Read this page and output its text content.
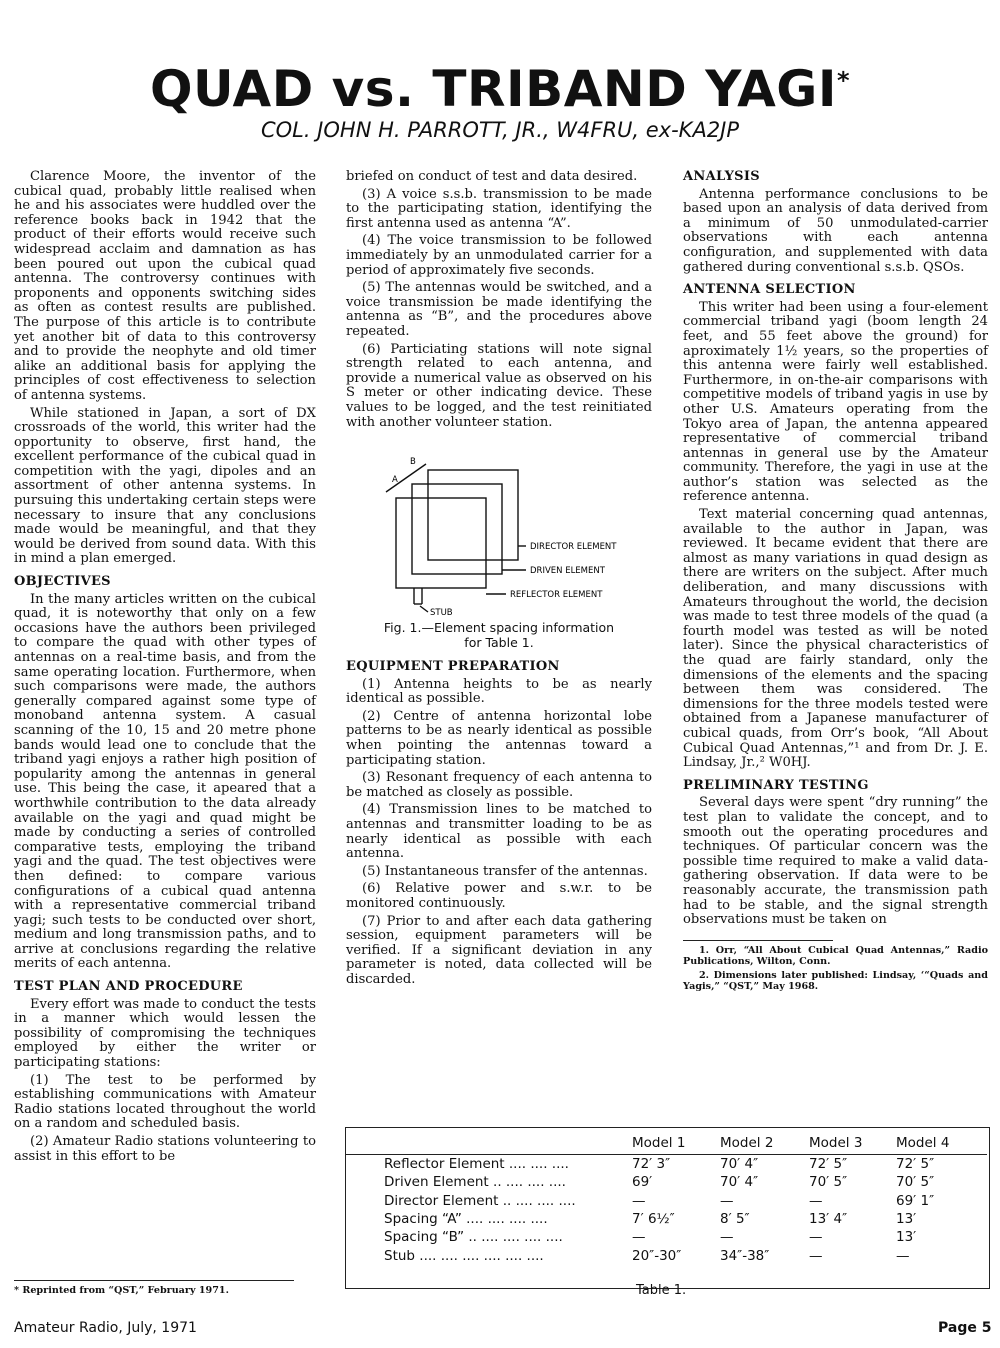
QUAD vs. TRIBAND YAGI*
COL. JOHN H. PARROTT, JR., W4FRU, ex-KA2JP

Clarence Moore, the inventor of the cubical quad, probably little realised when he and his associates were huddled over the reference books back in 1942 that the product of their efforts would receive such widespread acclaim and damnation as has been poured out upon the cubical quad antenna. The controversy continues with proponents and opponents switching sides as often as contest results are published. The purpose of this article is to contribute yet another bit of data to this controversy and to provide the neophyte and old timer alike an additional basis for applying the principles of cost effectiveness to selection of antenna systems.

While stationed in Japan, a sort of DX crossroads of the world, this writer had the opportunity to observe, first hand, the excellent performance of the cubical quad in competition with the yagi, dipoles and an assortment of other antenna systems. In pursuing this undertaking certain steps were necessary to insure that any conclusions made would be meaningful, and that they would be derived from sound data. With this in mind a plan emerged.

OBJECTIVES

In the many articles written on the cubical quad, it is noteworthy that only on a few occasions have the authors been privileged to compare the quad with other types of antennas on a real-time basis, and from the same operating location. Furthermore, when such comparisons were made, the authors generally compared against some type of monoband antenna system. A casual scanning of the 10, 15 and 20 metre phone bands would lead one to conclude that the triband yagi enjoys a rather high position of popularity among the antennas in general use. This being the case, it apeared that a worthwhile contribution to the data already available on the yagi and quad might be made by conducting a series of controlled comparative tests, employing the triband yagi and the quad. The test objectives were then defined: to compare various configurations of a cubical quad antenna with a representative commercial triband yagi; such tests to be conducted over short, medium and long transmission paths, and to arrive at conclusions regarding the relative merits of each antenna.

TEST PLAN AND PROCEDURE

Every effort was made to conduct the tests in a manner which would lessen the possibility of compromising the techniques employed by either the writer or participating stations:

(1) The test to be performed by establishing communications with Amateur Radio stations located throughout the world on a random and scheduled basis.

(2) Amateur Radio stations volunteering to assist in this effort to be

* Reprinted from “QST,” February 1971.

briefed on conduct of test and data desired.

(3) A voice s.s.b. transmission to be made to the participating station, identifying the first antenna used as antenna “A”.

(4) The voice transmission to be followed immediately by an unmodulated carrier for a period of approximately five seconds.

(5) The antennas would be switched, and a voice transmission be made identifying the antenna as “B”, and the procedures above repeated.

(6) Particiating stations will note signal strength related to each antenna, and provide a numerical value as observed on his S meter or other indicating device. These values to be logged, and the test reinitiated with another volunteer station.

B
A
DIRECTOR ELEMENT
DRIVEN ELEMENT
REFLECTOR ELEMENT
STUB
Fig. 1.—Element spacing information
for Table 1.
EQUIPMENT PREPARATION

(1) Antenna heights to be as nearly identical as possible.

(2) Centre of antenna horizontal lobe patterns to be as nearly identical as possible when pointing the antennas toward a participating station.

(3) Resonant frequency of each antenna to be matched as closely as possible.

(4) Transmission lines to be matched to antennas and transmitter loading to be as nearly identical as possible with each antenna.

(5) Instantaneous transfer of the antennas.

(6) Relative power and s.w.r. to be monitored continuously.

(7) Prior to and after each data gathering session, equipment parameters will be verified. If a significant deviation in any parameter is noted, data collected will be discarded.

ANALYSIS

Antenna performance conclusions to be based upon an analysis of data derived from a minimum of 50 unmodulated-carrier observations with each antenna configuration, and supplemented with data gathered during conventional s.s.b. QSOs.

ANTENNA SELECTION

This writer had been using a four-element commercial triband yagi (boom length 24 feet, and 55 feet above the ground) for aproximately 1½ years, so the properties of this antenna were fairly well established. Furthermore, in on-the-air comparisons with competitive models of triband yagis in use by other U.S. Amateurs operating from the Tokyo area of Japan, the antenna appeared representative of commercial triband antennas in general use by the Amateur community. Therefore, the yagi in use at the author’s station was selected as the reference antenna.

Text material concerning quad antennas, available to the author in Japan, was reviewed. It became evident that there are almost as many variations in quad design as there are writers on the subject. After much deliberation, and many discussions with Amateurs throughout the world, the decision was made to test three models of the quad (a fourth model was tested as will be noted later). Since the physical characteristics of the quad are fairly standard, only the dimensions of the elements and the spacing between them was considered. The dimensions for the three models tested were obtained from a Japanese manufacturer of cubical quads, from Orr’s book, “All About Cubical Quad Antennas,”¹ and from Dr. J. E. Lindsay, Jr.,² W0HJ.

PRELIMINARY TESTING

Several days were spent “dry running” the test plan to validate the concept, and to smooth out the operating procedures and techniques. Of particular concern was the possible time required to make a valid data-gathering observation. If data were to be reasonably accurate, the transmission path had to be stable, and the signal strength observations must be taken on

1. Orr, “All About Cubical Quad Antennas,” Radio Publications, Wilton, Conn.

2. Dimensions later published: Lindsay, ‘“Quads and Yagis,” “QST,” May 1968.

	Model 1	Model 2	Model 3	Model 4
Reflector Element .... .... ....	72′ 3″	70′ 4″	72′ 5″	72′ 5″
Driven Element .. .... .... ....	69′	70′ 4″	70′ 5″	70′ 5″
Director Element .. .... .... ....	—	—	—	69′ 1″
Spacing “A” .... .... .... ....	7′ 6½″	8′ 5″	13′ 4″	13′
Spacing “B” .. .... .... .... ....	—	—	—	13′
Stub .... .... .... .... .... ....	20″-30″	34″-38″	—	—
Table 1.
Amateur Radio, July, 1971	Page 5
